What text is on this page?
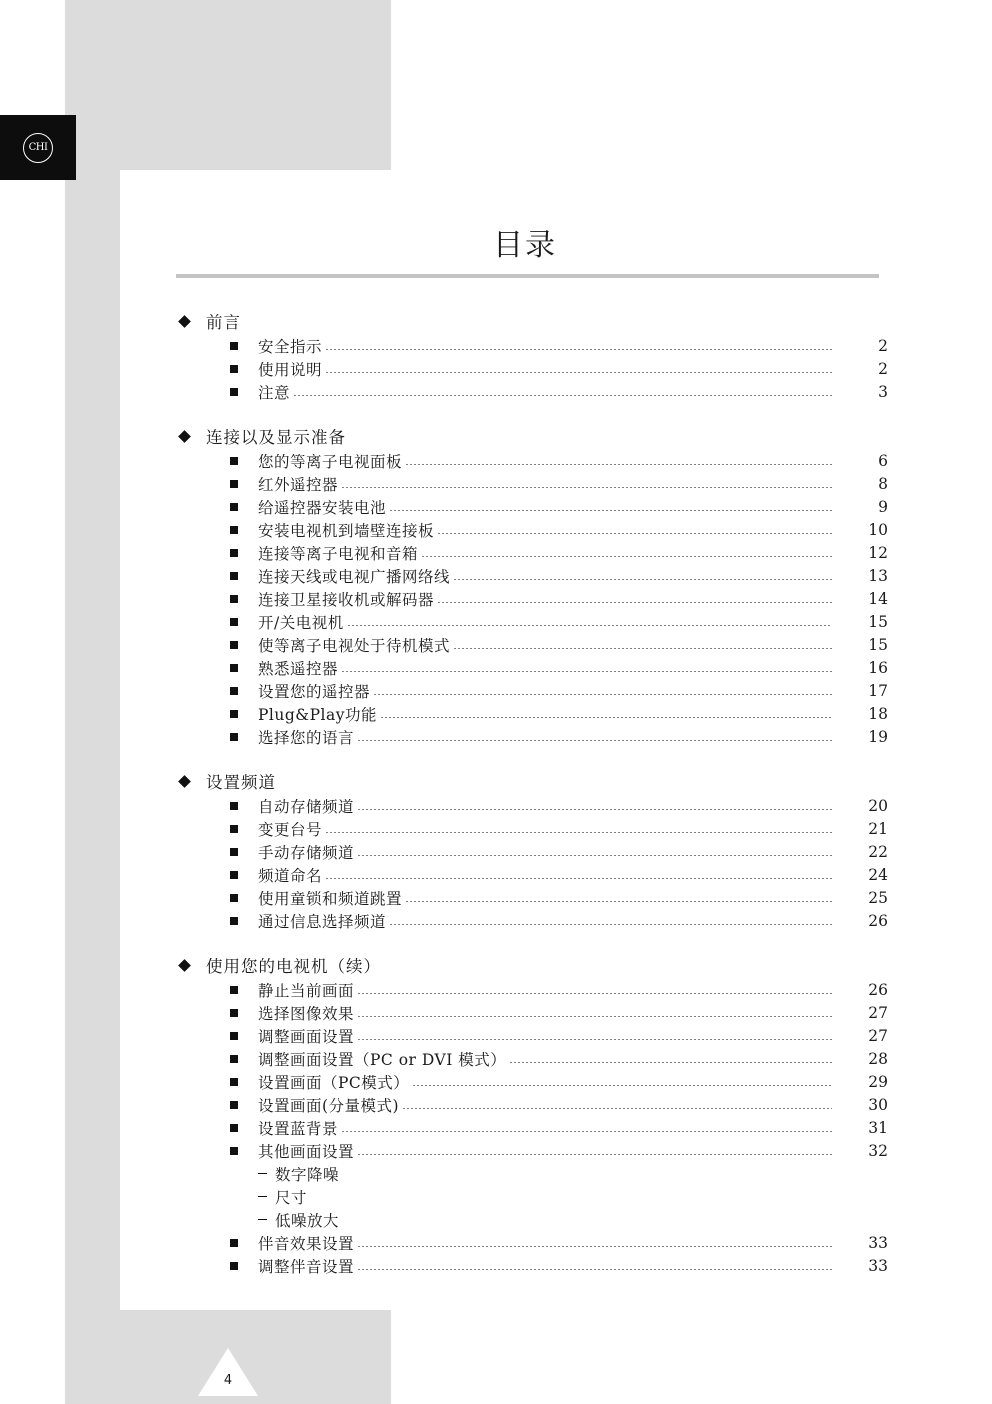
CHI
目录
前言
安全指示	2
使用说明	2
注意	3
连接以及显示准备
您的等离子电视面板	6
红外遥控器	8
给遥控器安装电池	9
安装电视机到墙壁连接板	10
连接等离子电视和音箱	12
连接天线或电视广播网络线	13
连接卫星接收机或解码器	14
开/关电视机	15
使等离子电视处于待机模式	15
熟悉遥控器	16
设置您的遥控器	17
Plug&Play功能	18
选择您的语言	19
设置频道
自动存储频道	20
变更台号	21
手动存储频道	22
频道命名	24
使用童锁和频道跳置	25
通过信息选择频道	26
使用您的电视机（续）
静止当前画面	26
选择图像效果	27
调整画面设置	27
调整画面设置（PC or DVI 模式）	28
设置画面（PC模式）	29
设置画面(分量模式)	30
设置蓝背景	31
其他画面设置	32
数字降噪
尺寸
低噪放大
伴音效果设置	33
调整伴音设置	33
4
